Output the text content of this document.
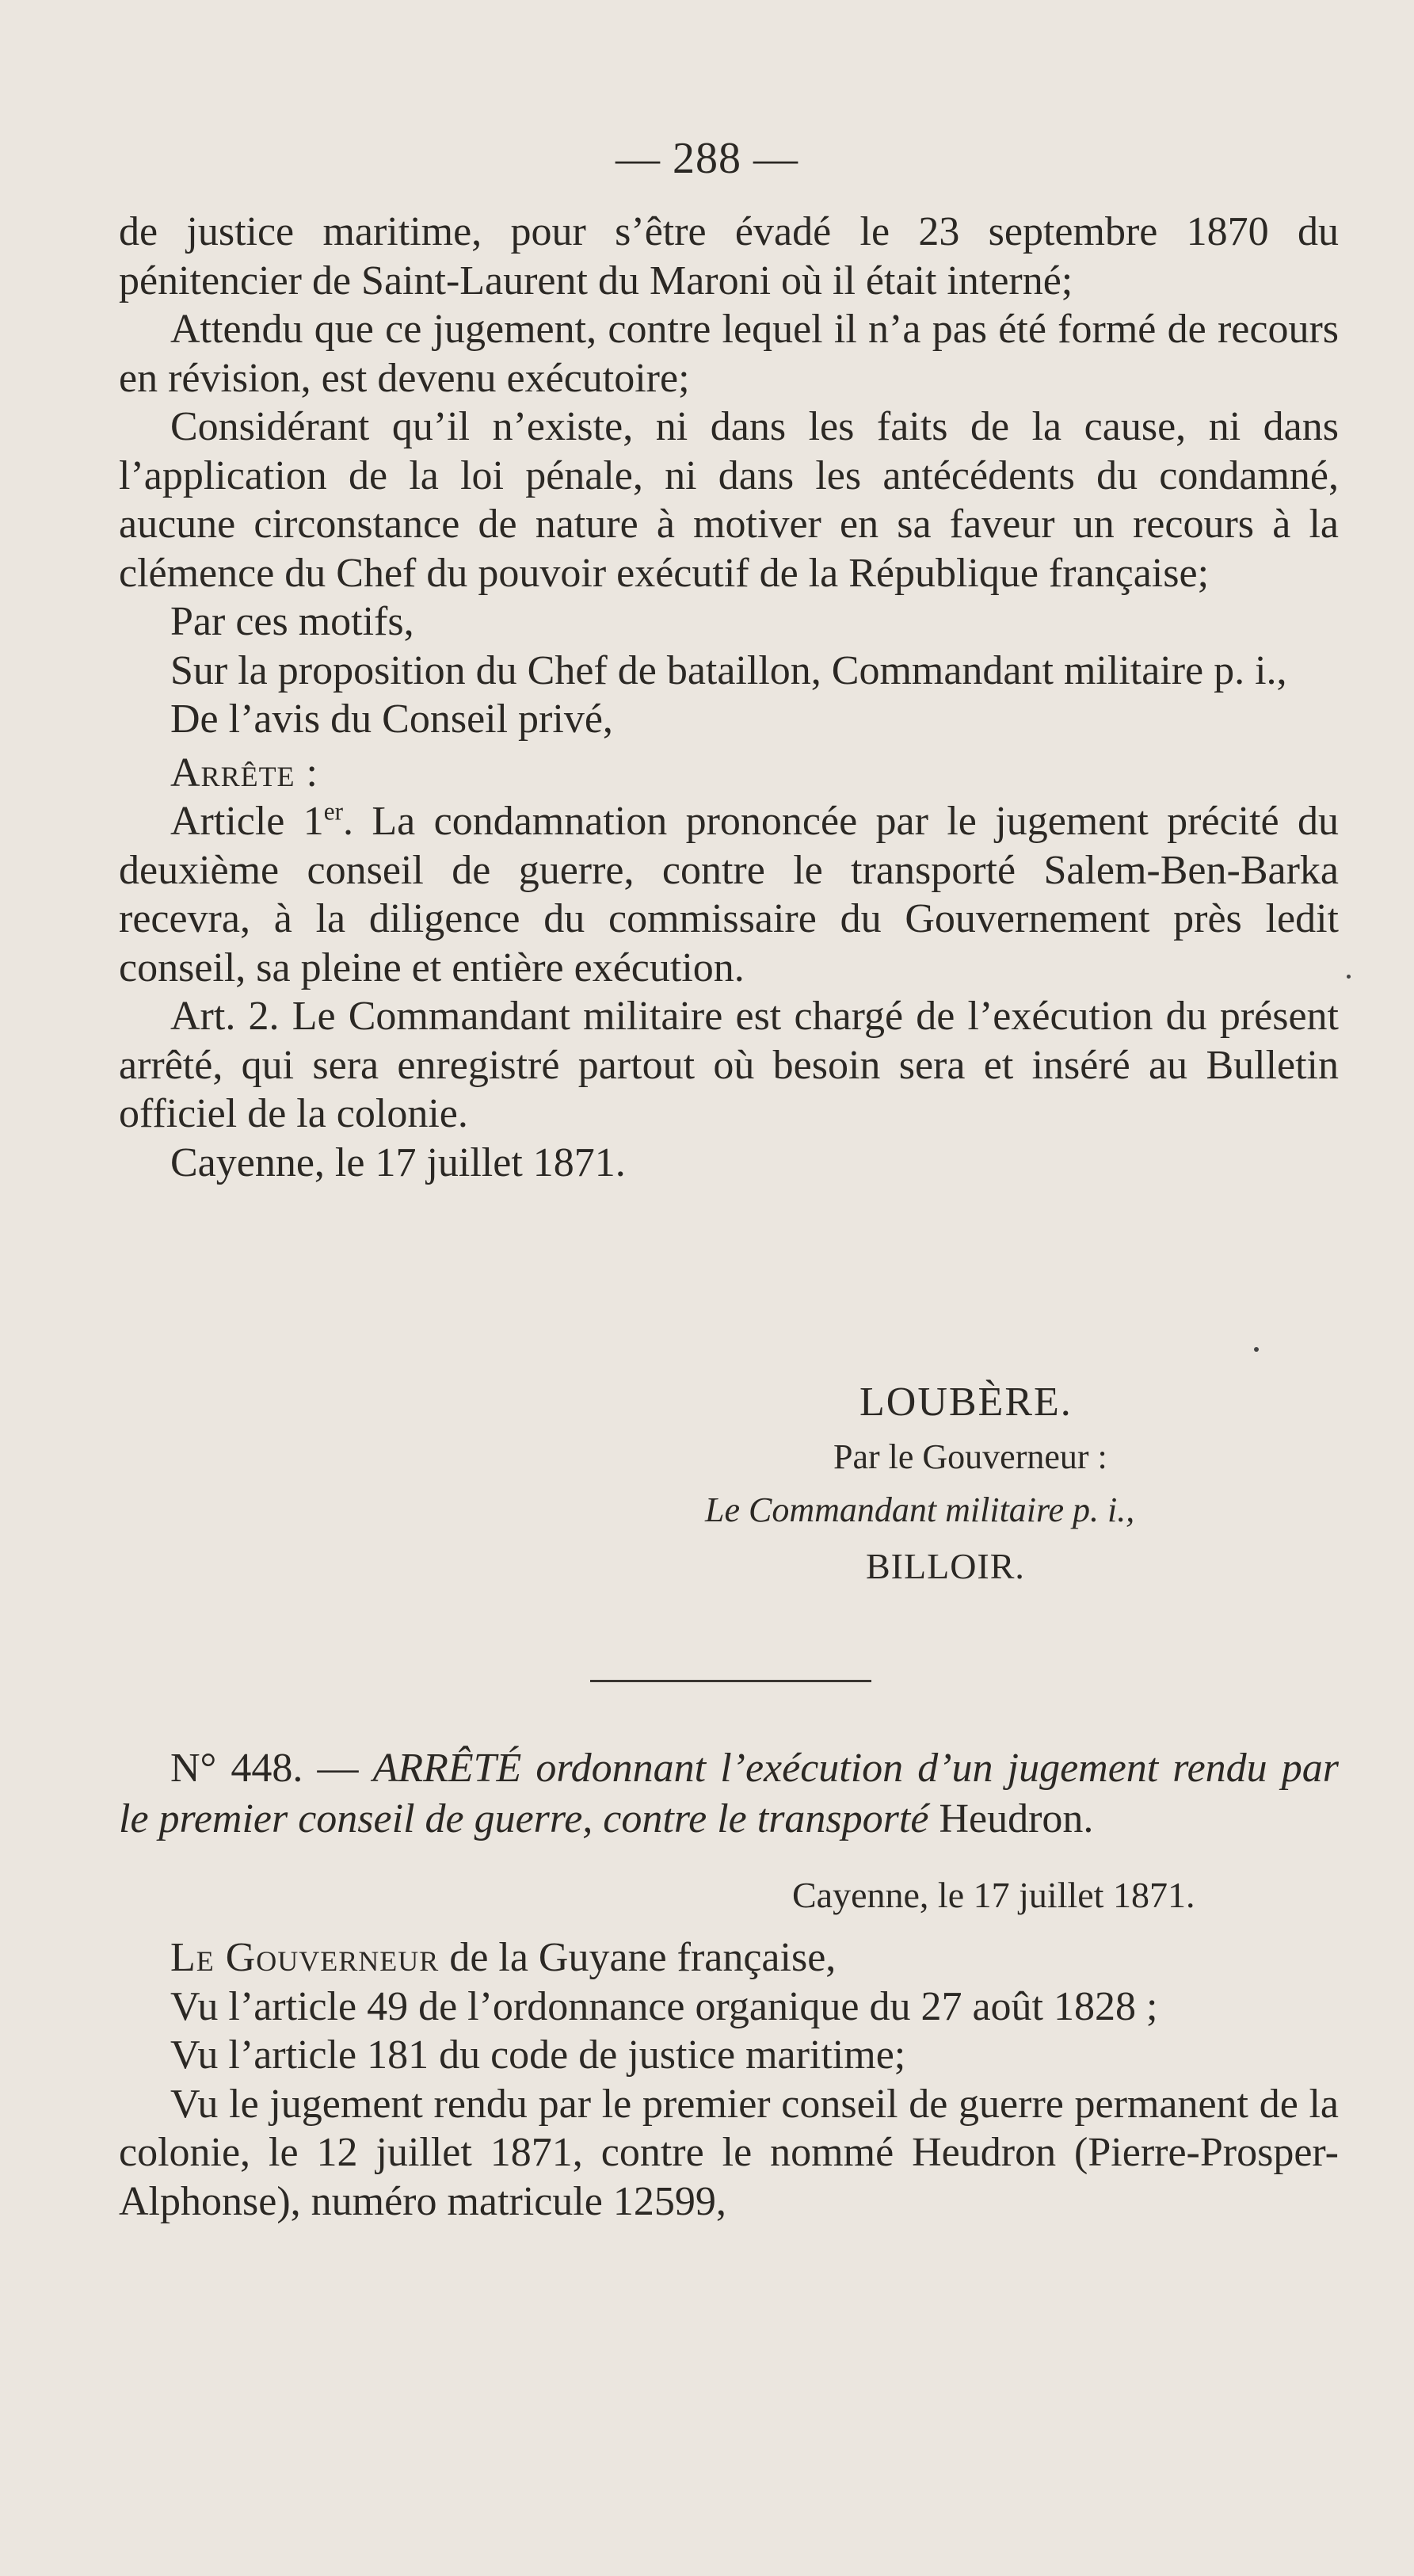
— 288 —

de justice maritime, pour s’être évadé le 23 septembre 1870 du pénitencier de Saint-Laurent du Maroni où il était interné;

Attendu que ce jugement, contre lequel il n’a pas été formé de recours en révision, est devenu exécutoire;

Considérant qu’il n’existe, ni dans les faits de la cause, ni dans l’application de la loi pénale, ni dans les antécédents du condamné, aucune circonstance de nature à motiver en sa faveur un recours à la clémence du Chef du pouvoir exécutif de la République française;

Par ces motifs,

Sur la proposition du Chef de bataillon, Commandant militaire p. i.,

De l’avis du Conseil privé,

Arrête :

Article 1er. La condamnation prononcée par le jugement précité du deuxième conseil de guerre, contre le transporté Salem-Ben-Barka recevra, à la diligence du commissaire du Gouvernement près ledit conseil, sa pleine et entière exécution.

Art. 2. Le Commandant militaire est chargé de l’exécution du présent arrêté, qui sera enregistré partout où besoin sera et inséré au Bulletin officiel de la colonie.

Cayenne, le 17 juillet 1871.

LOUBÈRE.
Par le Gouverneur :
Le Commandant militaire p. i.,
BILLOIR.
N° 448. — ARRÊTÉ ordonnant l’exécution d’un jugement rendu par le premier conseil de guerre, contre le transporté Heudron.
Cayenne, le 17 juillet 1871.

Le Gouverneur de la Guyane française,

Vu l’article 49 de l’ordonnance organique du 27 août 1828 ;

Vu l’article 181 du code de justice maritime;

Vu le jugement rendu par le premier conseil de guerre permanent de la colonie, le 12 juillet 1871, contre le nommé Heudron (Pierre-Prosper-Alphonse), numéro matricule 12599,
